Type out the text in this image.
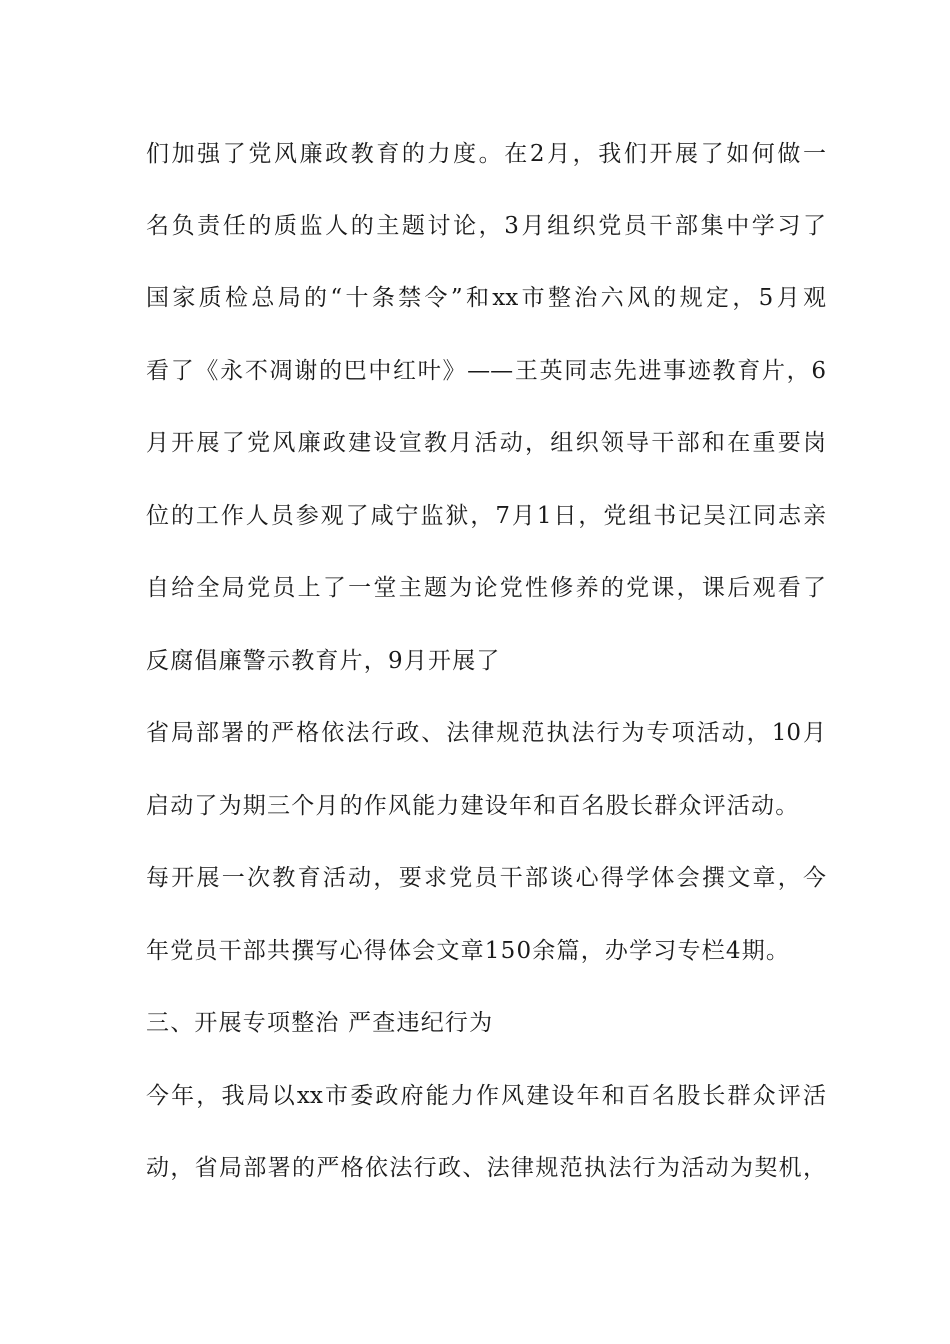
们加强了党风廉政教育的力度。在2月，我们开展了如何做一
名负责任的质监人的主题讨论，3月组织党员干部集中学习了
国家质检总局的“十条禁令”和xx市整治六风的规定，5月观
看了《永不凋谢的巴中红叶》——王英同志先进事迹教育片，6
月开展了党风廉政建设宣教月活动，组织领导干部和在重要岗
位的工作人员参观了咸宁监狱，7月1日，党组书记吴江同志亲
自给全局党员上了一堂主题为论党性修养的党课，课后观看了
反腐倡廉警示教育片，9月开展了
省局部署的严格依法行政、法律规范执法行为专项活动，10月
启动了为期三个月的作风能力建设年和百名股长群众评活动。
每开展一次教育活动，要求党员干部谈心得学体会撰文章，今
年党员干部共撰写心得体会文章150余篇，办学习专栏4期。
三、开展专项整治 严查违纪行为
今年，我局以xx市委政府能力作风建设年和百名股长群众评活
动，省局部署的严格依法行政、法律规范执法行为活动为契机，
